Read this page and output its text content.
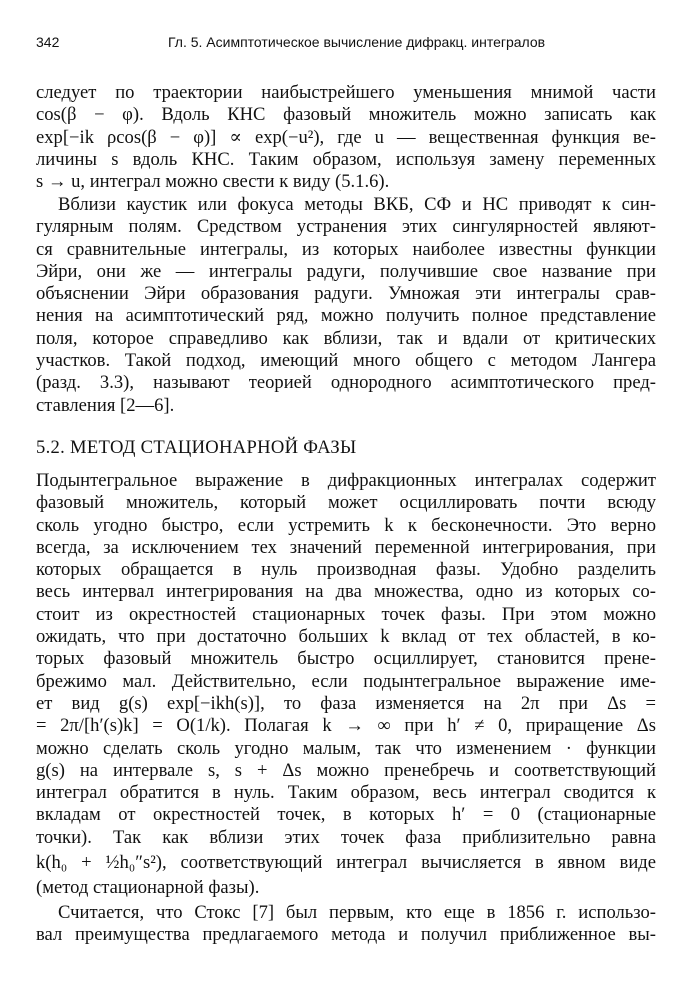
342	Гл. 5. Асимптотическое вычисление дифракц. интегралов
следует по траектории наибыстрейшего уменьшения мнимой части
cos(β − φ). Вдоль КНС фазовый множитель можно записать как
exp[−ik ρcos(β − φ)] ∝ exp(−u²), где u — вещественная функция ве-
личины s вдоль КНС. Таким образом, используя замену переменных
s → u, интеграл можно свести к виду (5.1.6).
Вблизи каустик или фокуса методы ВКБ, СФ и НС приводят к син-
гулярным полям. Средством устранения этих сингулярностей являют-
ся сравнительные интегралы, из которых наиболее известны функции
Эйри, они же — интегралы радуги, получившие свое название при
объяснении Эйри образования радуги. Умножая эти интегралы срав-
нения на асимптотический ряд, можно получить полное представление
поля, которое справедливо как вблизи, так и вдали от критических
участков. Такой подход, имеющий много общего с методом Лангера
(разд. 3.3), называют теорией однородного асимптотического пред-
ставления [2—6].
5.2. МЕТОД СТАЦИОНАРНОЙ ФАЗЫ
Подынтегральное выражение в дифракционных интегралах содержит
фазовый множитель, который может осциллировать почти всюду
сколь угодно быстро, если устремить k к бесконечности. Это верно
всегда, за исключением тех значений переменной интегрирования, при
которых обращается в нуль производная фазы. Удобно разделить
весь интервал интегрирования на два множества, одно из которых со-
стоит из окрестностей стационарных точек фазы. При этом можно
ожидать, что при достаточно больших k вклад от тех областей, в ко-
торых фазовый множитель быстро осциллирует, становится прене-
брежимо мал. Действительно, если подынтегральное выражение име-
ет вид g(s) exp[−ikh(s)], то фаза изменяется на 2π при Δs =
= 2π/[h′(s)k] = O(1/k). Полагая k → ∞ при h′ ≠ 0, приращение Δs
можно сделать сколь угодно малым, так что изменением · функции
g(s) на интервале s, s + Δs можно пренебречь и соответствующий
интеграл обратится в нуль. Таким образом, весь интеграл сводится к
вкладам от окрестностей точек, в которых h′ = 0 (стационарные
точки). Так как вблизи этих точек фаза приблизительно равна
k(h₀ + ½h₀″s²), соответствующий интеграл вычисляется в явном виде
(метод стационарной фазы).
Считается, что Стокс [7] был первым, кто еще в 1856 г. использо-
вал преимущества предлагаемого метода и получил приближенное вы-
